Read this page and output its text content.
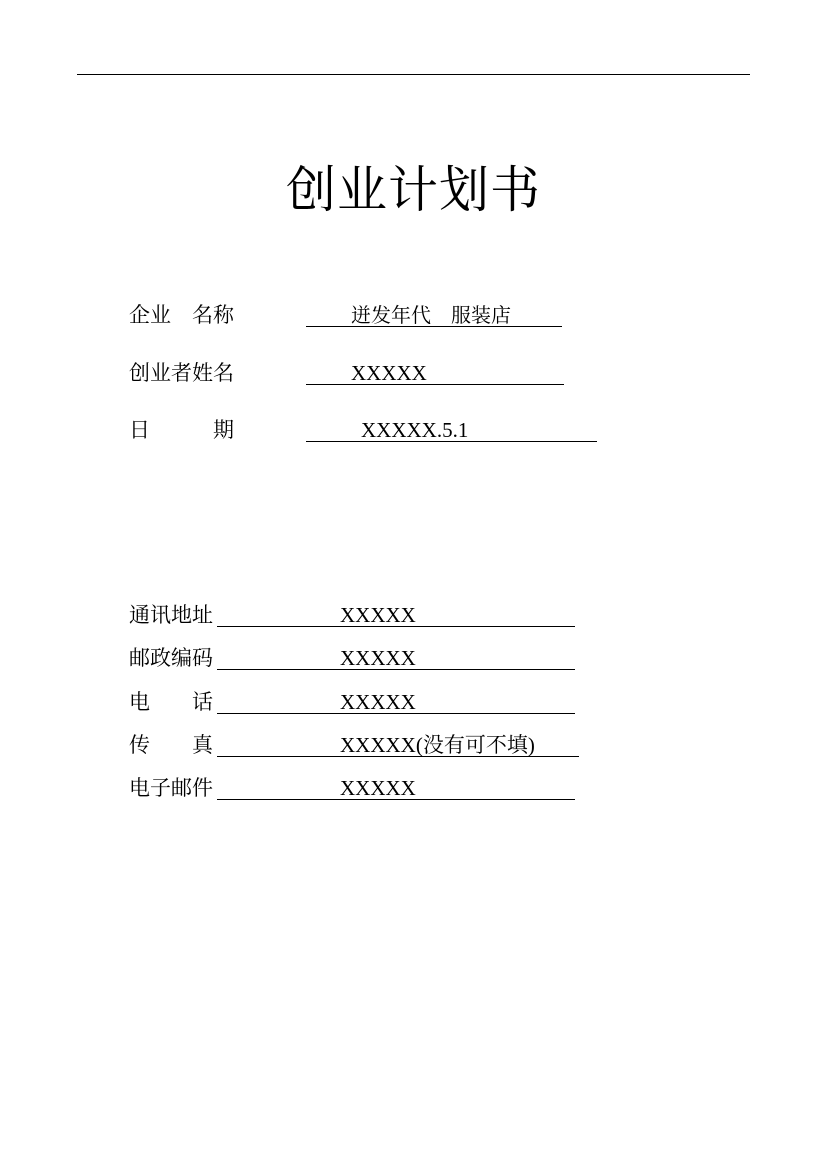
创业计划书
企业　名称	迸发年代　服装店
创业者姓名	XXXXX
日　　　期	XXXXX.5.1
通讯地址	XXXXX
邮政编码	XXXXX
电　　话	XXXXX
传　　真	XXXXX(没有可不填)
电子邮件	XXXXX
